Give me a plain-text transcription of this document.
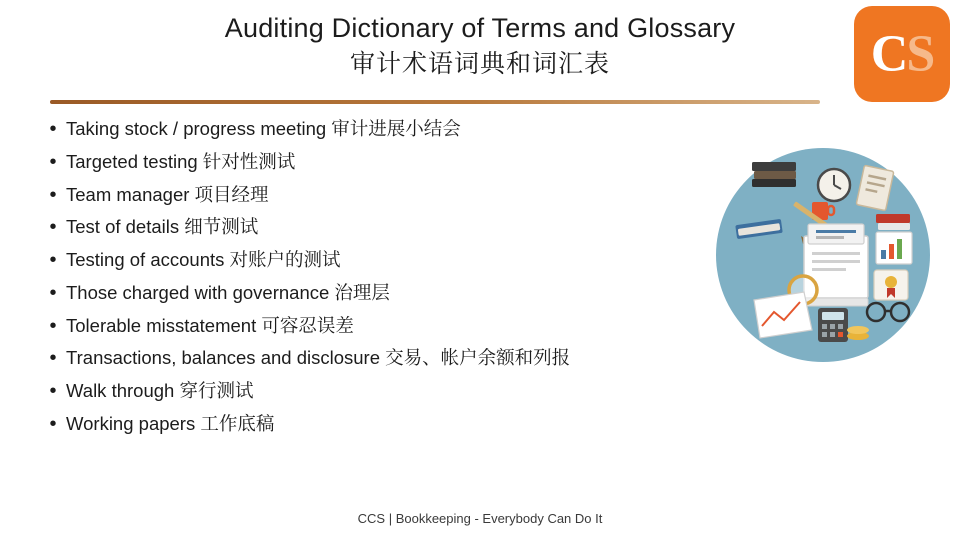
Auditing Dictionary of Terms and Glossary
审计术语词典和词汇表	CS
• Taking stock / progress meeting 审计进展小结会
• Targeted testing 针对性测试
• Team manager 项目经理
• Test of details 细节测试
• Testing of accounts 对账户的测试
• Those charged with governance 治理层
• Tolerable misstatement 可容忍误差
• Transactions, balances and disclosure 交易、帐户余额和列报
• Walk through 穿行测试
• Working papers 工作底稿
CCS | Bookkeeping - Everybody Can Do It
